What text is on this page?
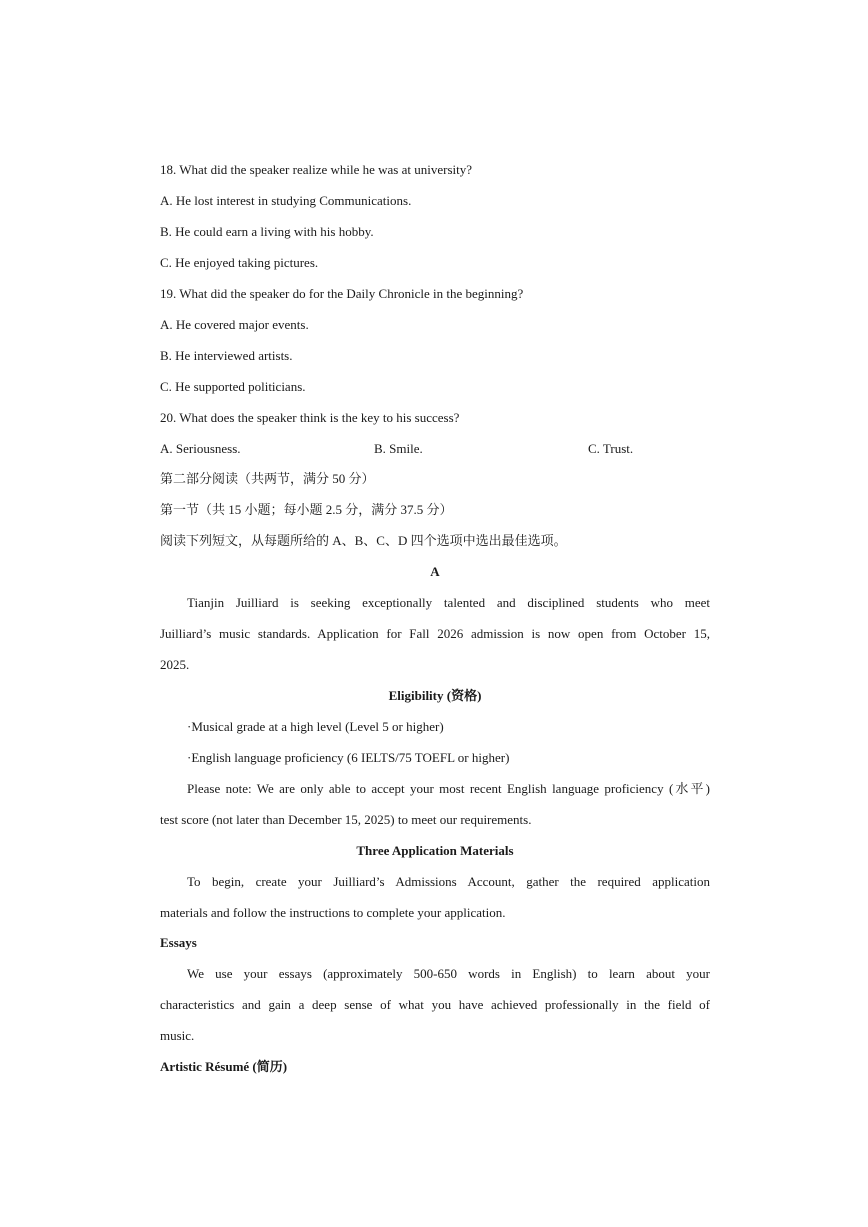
18. What did the speaker realize while he was at university?
A. He lost interest in studying Communications.
B. He could earn a living with his hobby.
C. He enjoyed taking pictures.
19. What did the speaker do for the Daily Chronicle in the beginning?
A. He covered major events.
B. He interviewed artists.
C. He supported politicians.
20. What does the speaker think is the key to his success?
A. Seriousness.	B. Smile.	C. Trust.
第二部分阅读（共两节，满分 50 分）
第一节（共 15 小题；每小题 2.5 分，满分 37.5 分）
阅读下列短文，从每题所给的 A、B、C、D 四个选项中选出最佳选项。
A
Tianjin Juilliard is seeking exceptionally talented and disciplined students who meet
Juilliard’s music standards. Application for Fall 2026 admission is now open from October 15,
2025.
Eligibility (资格)
·Musical grade at a high level (Level 5 or higher)
·English language proficiency (6 IELTS/75 TOEFL or higher)
Please note: We are only able to accept your most recent English language proficiency (水平)
test score (not later than December 15, 2025) to meet our requirements.
Three Application Materials
To begin, create your Juilliard’s Admissions Account, gather the required application
materials and follow the instructions to complete your application.
Essays
We use your essays (approximately 500-650 words in English) to learn about your
characteristics and gain a deep sense of what you have achieved professionally in the field of
music.
Artistic Résumé (简历)
